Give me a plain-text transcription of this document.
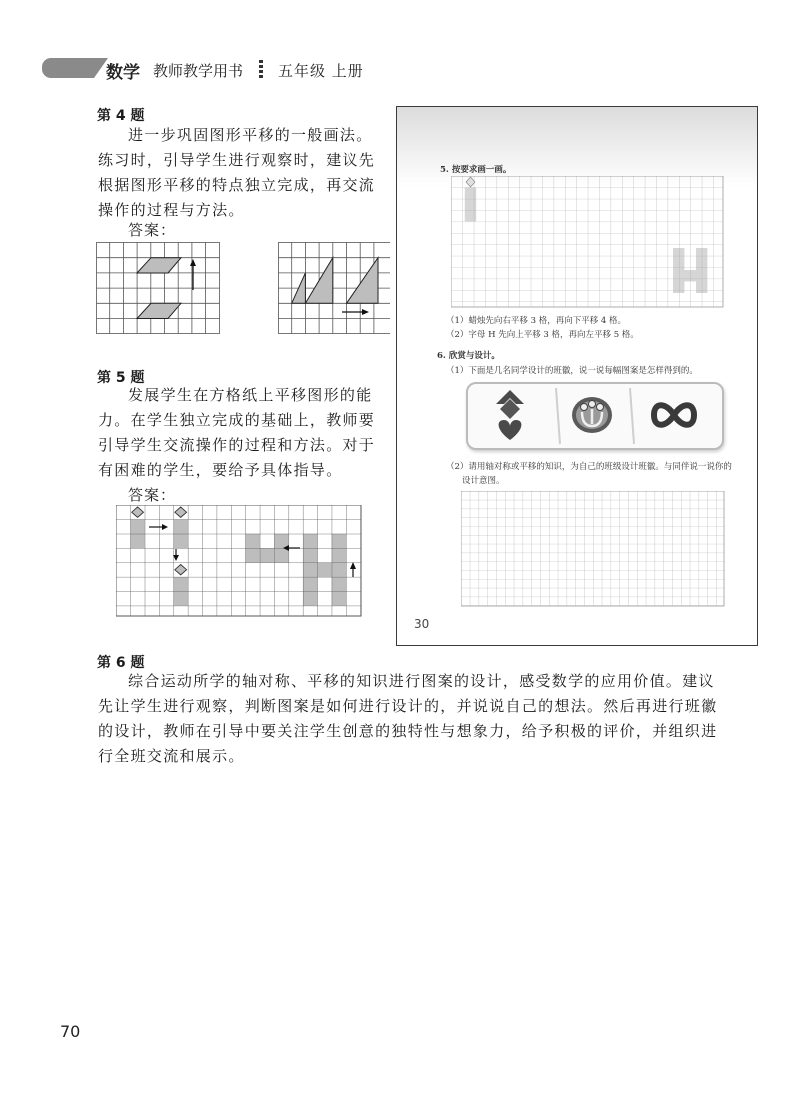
数学 教师教学用书 五年级 上册
第 4 题

进一步巩固图形平移的一般画法。练习时，引导学生进行观察时，建议先根据图形平移的特点独立完成，再交流操作的过程与方法。

答案：
第 5 题

发展学生在方格纸上平移图形的能力。在学生独立完成的基础上，教师要引导学生交流操作的过程和方法。对于有困难的学生，要给予具体指导。

答案：
5. 按要求画一画。
（1）蜡烛先向右平移 3 格，再向下平移 4 格。
（2）字母 H 先向上平移 3 格，再向左平移 5 格。
6. 欣赏与设计。
（1）下面是几名同学设计的班徽，说一说每幅图案是怎样得到的。
（2）请用轴对称或平移的知识，为自己的班级设计班徽。与同伴说一说你的
设计意图。
30
第 6 题

综合运动所学的轴对称、平移的知识进行图案的设计，感受数学的应用价值。建议先让学生进行观察，判断图案是如何进行设计的，并说说自己的想法。然后再进行班徽的设计，教师在引导中要关注学生创意的独特性与想象力，给予积极的评价，并组织进行全班交流和展示。

70
